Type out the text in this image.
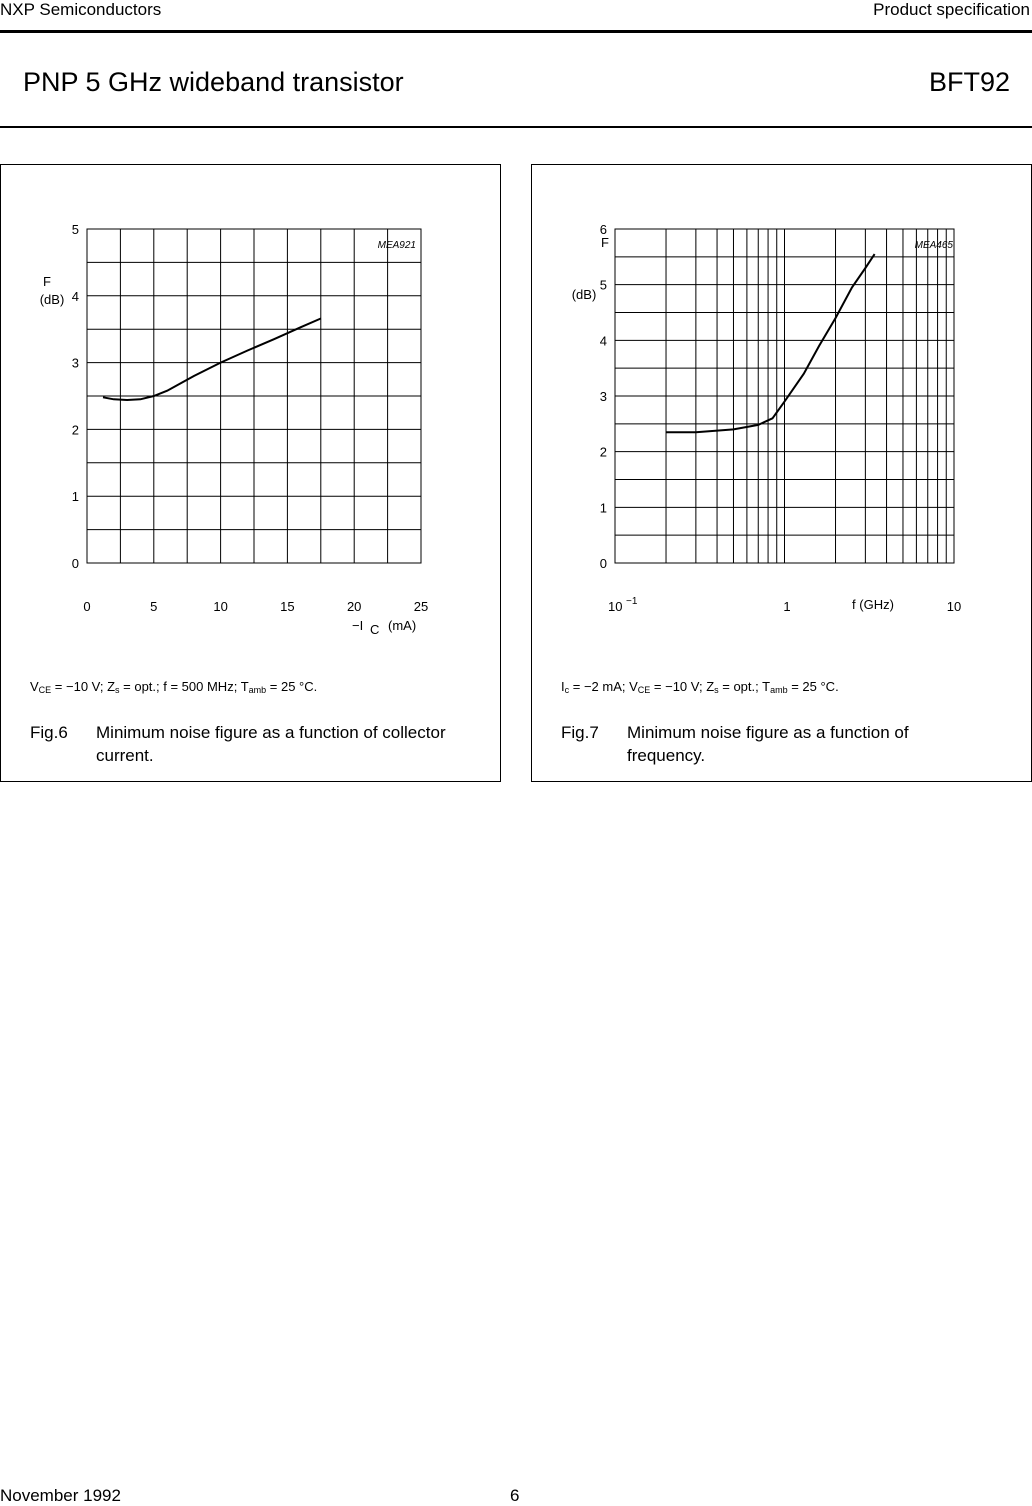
NXP Semiconductors	Product specification
PNP 5 GHz wideband transistor	BFT92
0
1
2
3
4
5
0	5	10	15	20	25
MEA921
F
(dB)
−I C (mA)
$V_{CE} = -10$ V; $Z_s$ = opt.; f = 500 MHz; $T_{amb} = 25$ °C.
Fig.6 Minimum noise figure as a function of collector current.
0
1
2
3
4
5
6
MEA465
F
(dB)
10 −1	1	10
f (GHz)
$I_c = -2$ mA; $V_{CE} = -10$ V; $Z_s$ = opt.; $T_{amb} = 25$ °C.
Fig.7 Minimum noise figure as a function of frequency.
November 1992	6
